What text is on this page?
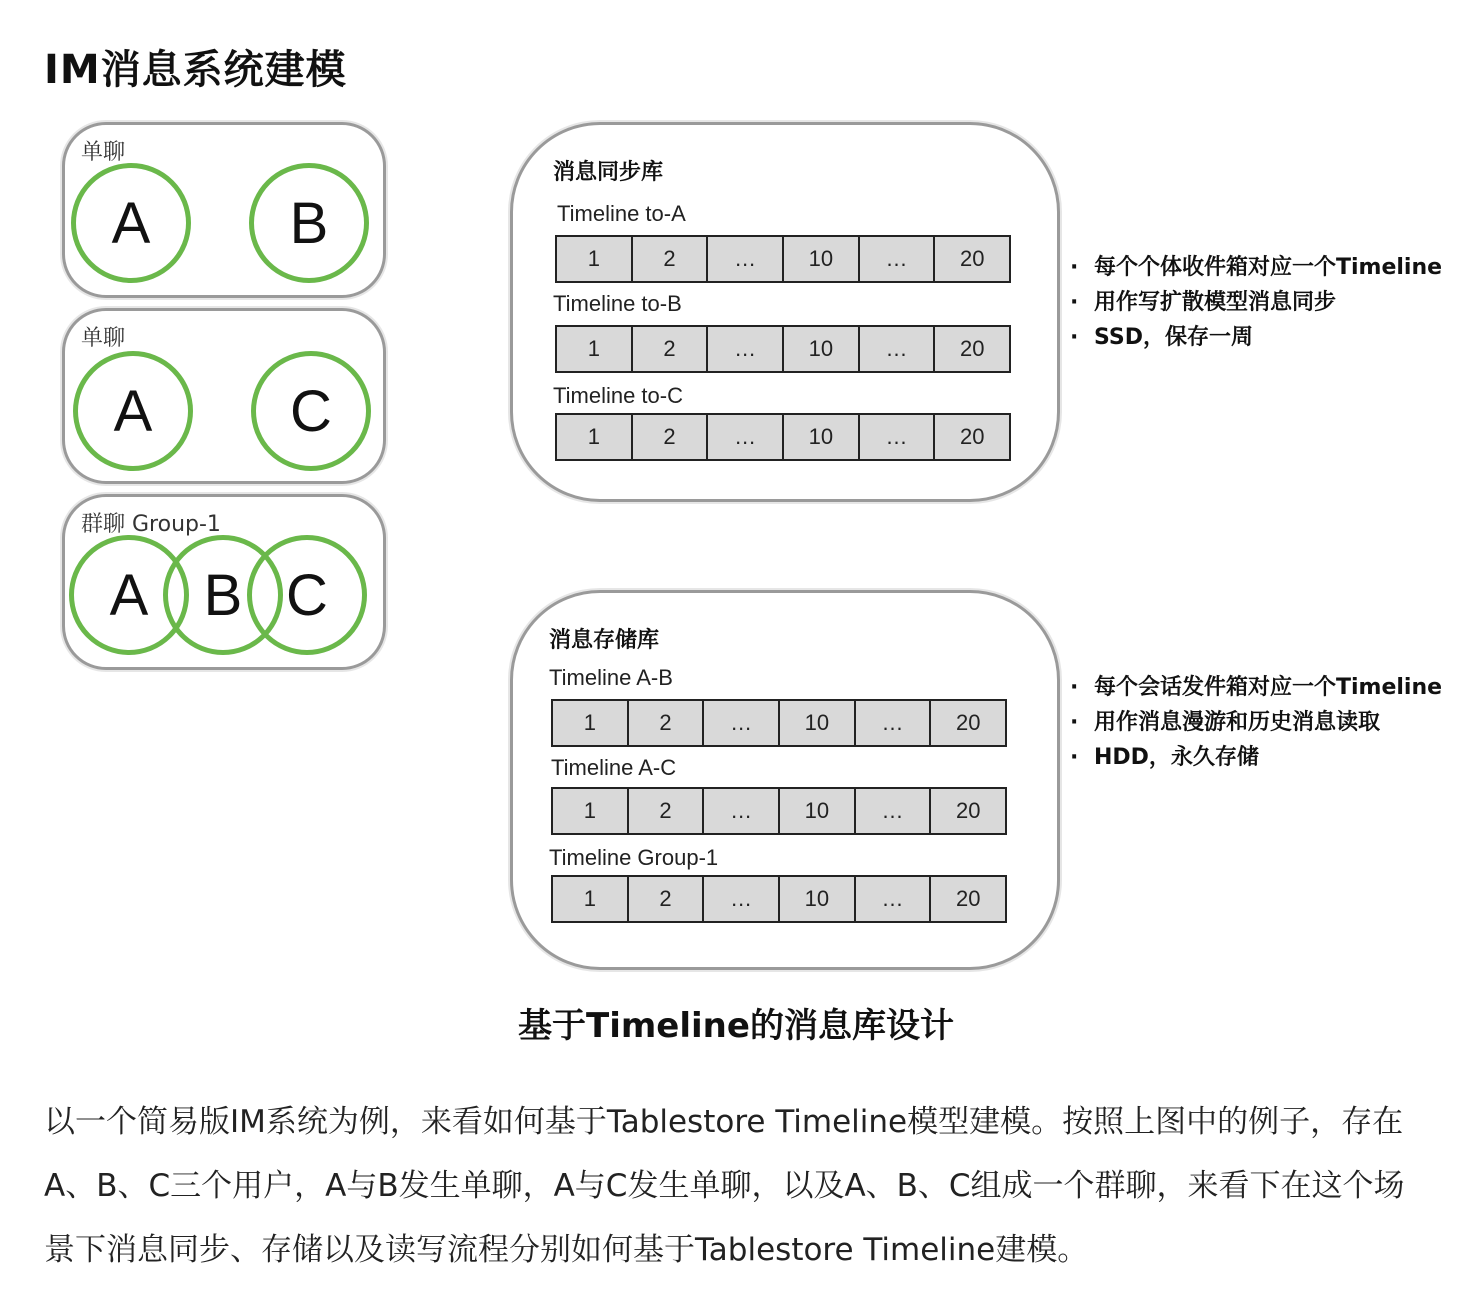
IM消息系统建模
单聊
A	B
单聊
A	C
群聊 Group-1
A B C
消息同步库
Timeline to-A
1	2	…	10	…	20
Timeline to-B
1	2	…	10	…	20
Timeline to-C
1	2	…	10	…	20
· 每个个体收件箱对应一个Timeline
· 用作写扩散模型消息同步
· SSD，保存一周
消息存储库
Timeline A-B
1	2	…	10	…	20
Timeline A-C
1	2	…	10	…	20
Timeline Group-1
1	2	…	10	…	20
· 每个会话发件箱对应一个Timeline
· 用作消息漫游和历史消息读取
· HDD，永久存储
基于Timeline的消息库设计
以一个简易版IM系统为例，来看如何基于Tablestore Timeline模型建模。按照上图中的例子，存在A、B、C三个用户，A与B发生单聊，A与C发生单聊，以及A、B、C组成一个群聊，来看下在这个场景下消息同步、存储以及读写流程分别如何基于Tablestore Timeline建模。
